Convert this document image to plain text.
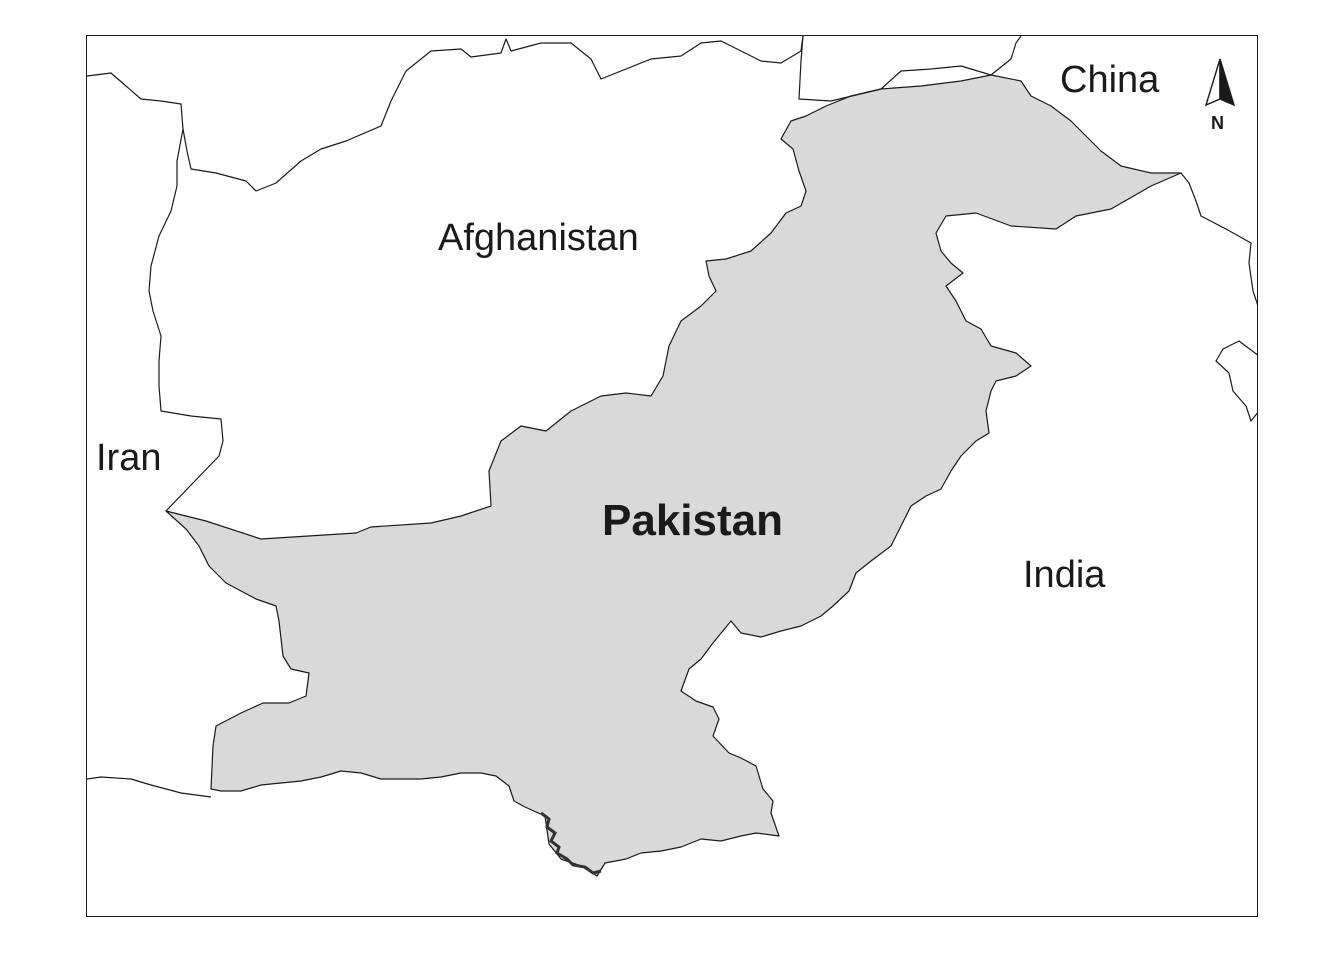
China
Afghanistan
Iran
Pakistan
India
N
